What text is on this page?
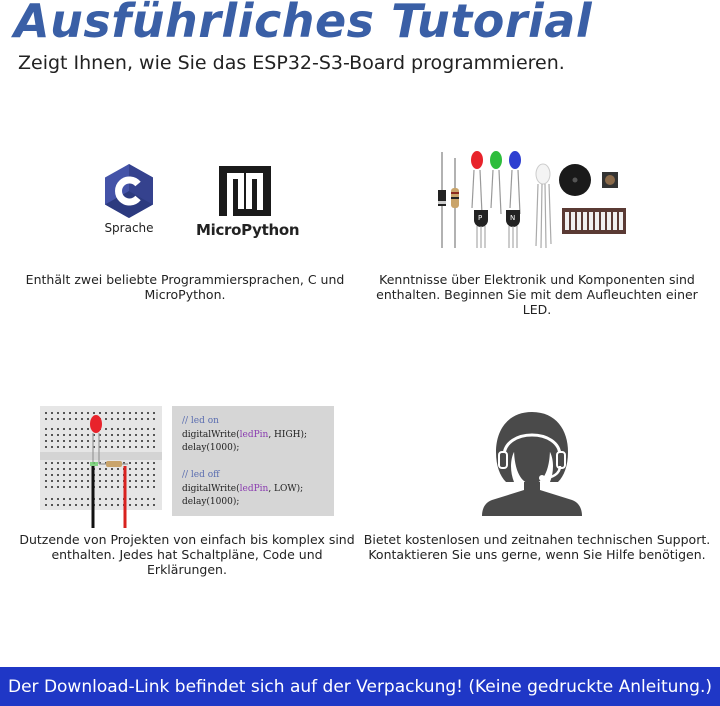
Ausführliches Tutorial
Zeigt Ihnen, wie Sie das ESP32-S3-Board programmieren.
Sprache	MicroPython
Enthält zwei beliebte Programmiersprachen, C und MicroPython.
P	N
Kenntnisse über Elektronik und Komponenten sind enthalten. Beginnen Sie mit dem Aufleuchten einer LED.
// led on
digitalWrite(ledPin, HIGH);
delay(1000);
// led off
digitalWrite(ledPin, LOW);
delay(1000);
Dutzende von Projekten von einfach bis komplex sind enthalten. Jedes hat Schaltpläne, Code und Erklärungen.
Bietet kostenlosen und zeitnahen technischen Support. Kontaktieren Sie uns gerne, wenn Sie Hilfe benötigen.
Der Download-Link befindet sich auf der Verpackung! (Keine gedruckte Anleitung.)
